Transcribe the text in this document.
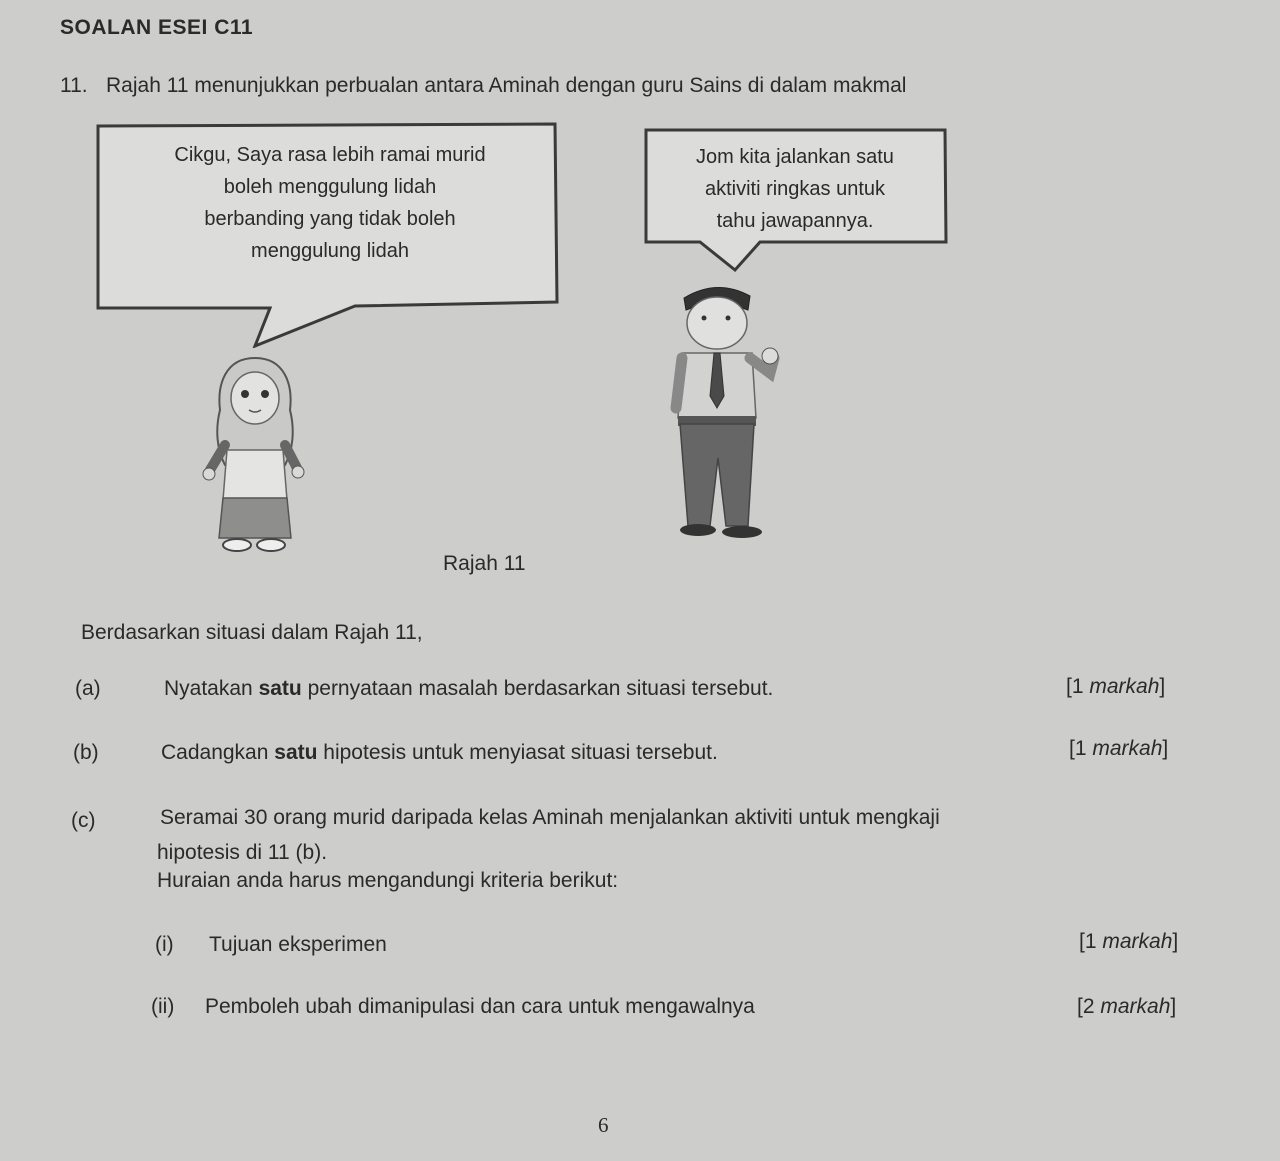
SOALAN ESEI C11
11. Rajah 11 menunjukkan perbualan antara Aminah dengan guru Sains di dalam makmal
Cikgu, Saya rasa lebih ramai murid
boleh menggulung lidah
berbanding yang tidak boleh
menggulung lidah
Jom kita jalankan satu
aktiviti ringkas untuk
tahu jawapannya.
Rajah 11
Berdasarkan situasi dalam Rajah 11,
(a)	Nyatakan satu pernyataan masalah berdasarkan situasi tersebut.	[1 markah]
(b)	Cadangkan satu hipotesis untuk menyiasat situasi tersebut.	[1 markah]
(c)	Seramai 30 orang murid daripada kelas Aminah menjalankan aktiviti untuk mengkaji
hipotesis di 11 (b).
Huraian anda harus mengandungi kriteria berikut:
(i) Tujuan eksperimen	[1 markah]
(ii) Pemboleh ubah dimanipulasi dan cara untuk mengawalnya	[2 markah]
6
